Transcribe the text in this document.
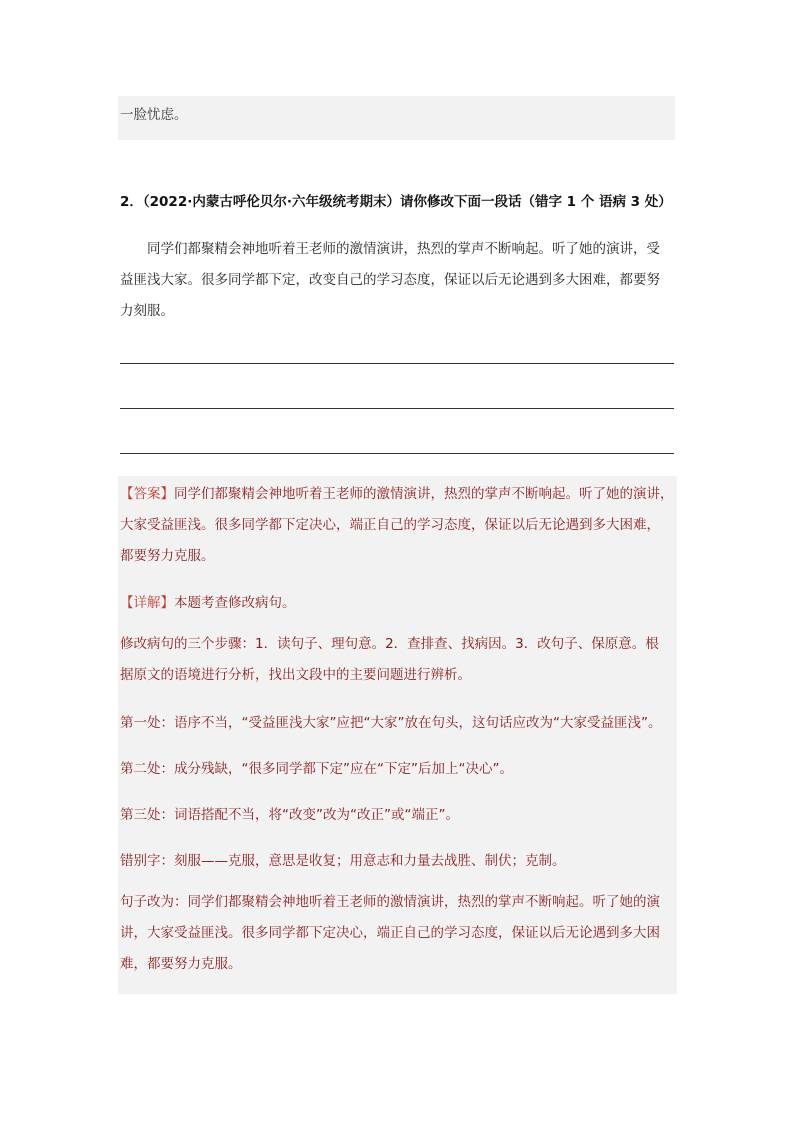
一脸忧虑。
2．（2022·内蒙古呼伦贝尔·六年级统考期末）请你修改下面一段话（错字 1 个 语病 3 处）

同学们都聚精会神地听着王老师的激情演讲，热烈的掌声不断响起。听了她的演讲，受
益匪浅大家。很多同学都下定，改变自己的学习态度，保证以后无论遇到多大困难，都要努
力刻服。

【答案】同学们都聚精会神地听着王老师的激情演讲，热烈的掌声不断响起。听了她的演讲，
大家受益匪浅。很多同学都下定决心，端正自己的学习态度，保证以后无论遇到多大困难，
都要努力克服。

【详解】本题考查修改病句。

修改病句的三个步骤：1．读句子、理句意。2．查排查、找病因。3．改句子、保原意。根
据原文的语境进行分析，找出文段中的主要问题进行辨析。

第一处：语序不当，“受益匪浅大家”应把“大家”放在句头，这句话应改为“大家受益匪浅”。

第二处：成分残缺，“很多同学都下定”应在“下定”后加上“决心”。

第三处：词语搭配不当，将“改变”改为“改正”或“端正”。

错别字：刻服——克服，意思是收复；用意志和力量去战胜、制伏；克制。

句子改为：同学们都聚精会神地听着王老师的激情演讲，热烈的掌声不断响起。听了她的演
讲，大家受益匪浅。很多同学都下定决心，端正自己的学习态度，保证以后无论遇到多大困
难，都要努力克服。
